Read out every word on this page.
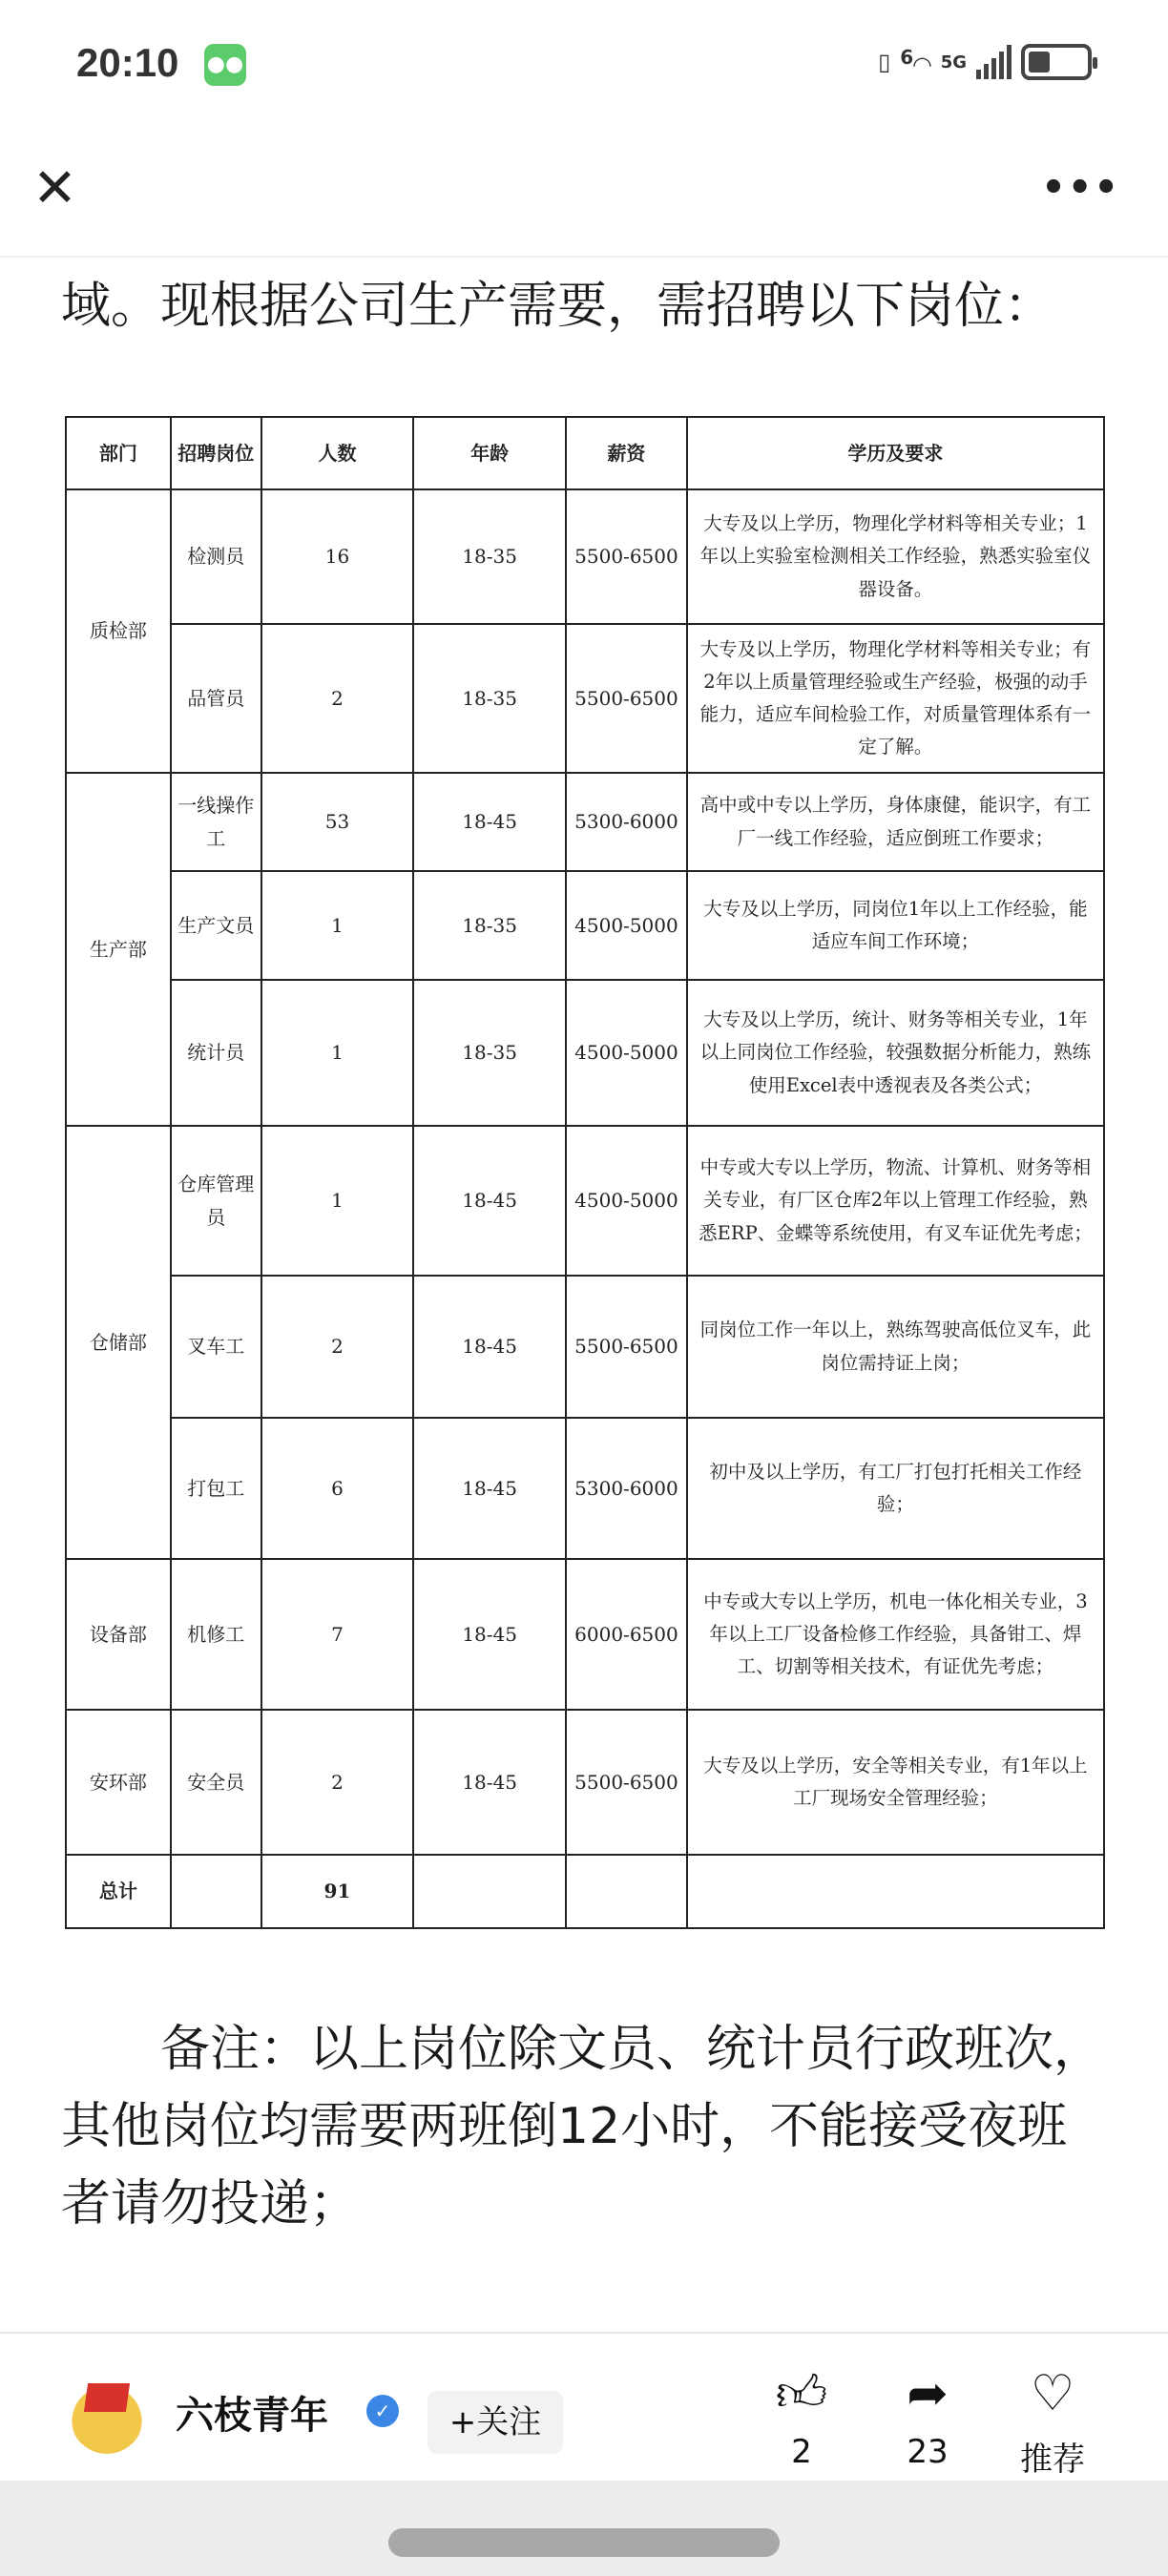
20:10 ●●	▯ $^6$◠ 5G
✕	•••
域。现根据公司生产需要，需招聘以下岗位：
部门	招聘岗位	人数	年龄	薪资	学历及要求
质检部	检测员	16	18-35	5500-6500	大专及以上学历，物理化学材料等相关专业；1年以上实验室检测相关工作经验，熟悉实验室仪器设备。
	品管员	2	18-35	5500-6500	大专及以上学历，物理化学材料等相关专业；有2年以上质量管理经验或生产经验，极强的动手能力，适应车间检验工作，对质量管理体系有一定了解。
生产部	一线操作工	53	18-45	5300-6000	高中或中专以上学历，身体康健，能识字，有工厂一线工作经验，适应倒班工作要求；
	生产文员	1	18-35	4500-5000	大专及以上学历，同岗位1年以上工作经验，能适应车间工作环境；
	统计员	1	18-35	4500-5000	大专及以上学历，统计、财务等相关专业，1年以上同岗位工作经验，较强数据分析能力，熟练使用Excel表中透视表及各类公式；
仓储部	仓库管理员	1	18-45	4500-5000	中专或大专以上学历，物流、计算机、财务等相关专业，有厂区仓库2年以上管理工作经验，熟悉ERP、金蝶等系统使用，有叉车证优先考虑；
	叉车工	2	18-45	5500-6500	同岗位工作一年以上，熟练驾驶高低位叉车，此岗位需持证上岗；
	打包工	6	18-45	5300-6000	初中及以上学历，有工厂打包打托相关工作经验；
设备部	机修工	7	18-45	6000-6500	中专或大专以上学历，机电一体化相关专业，3年以上工厂设备检修工作经验，具备钳工、焊工、切割等相关技术，有证优先考虑；
安环部	安全员	2	18-45	5500-6500	大专及以上学历，安全等相关专业，有1年以上工厂现场安全管理经验；
总计		91			
备注：以上岗位除文员、统计员行政班次，其他岗位均需要两班倒12小时，不能接受夜班者请勿投递；
六枝青年	✓	+关注	👍︎
2
➦
23
♡
推荐
